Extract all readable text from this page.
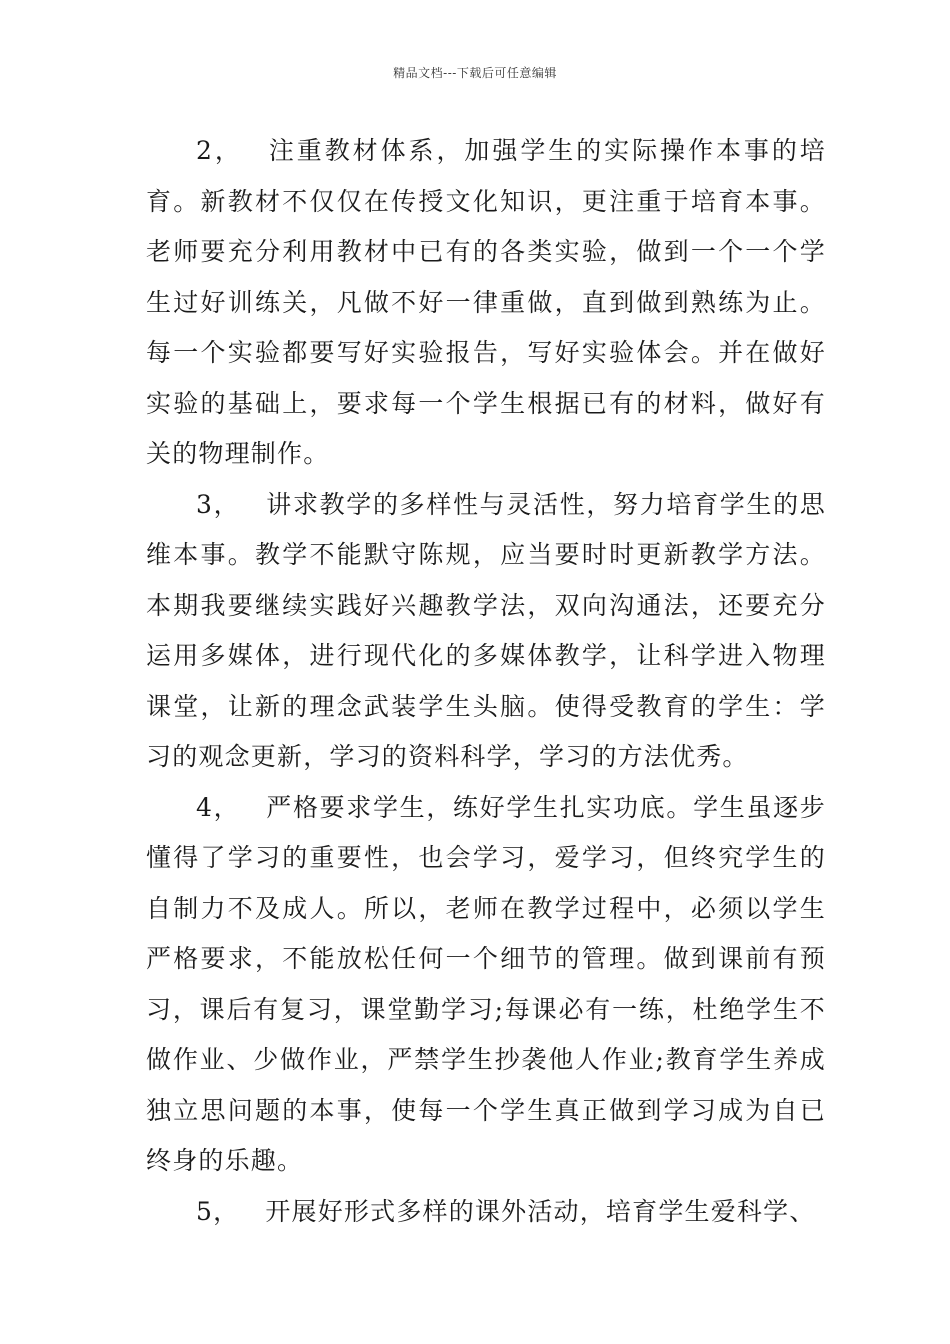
精品文档---下载后可任意编辑

2， 注重教材体系，加强学生的实际操作本事的培育。新教材不仅仅在传授文化知识，更注重于培育本事。老师要充分利用教材中已有的各类实验，做到一个一个学生过好训练关，凡做不好一律重做，直到做到熟练为止。每一个实验都要写好实验报告，写好实验体会。并在做好实验的基础上，要求每一个学生根据已有的材料，做好有关的物理制作。

3， 讲求教学的多样性与灵活性，努力培育学生的思维本事。教学不能默守陈规，应当要时时更新教学方法。本期我要继续实践好兴趣教学法，双向沟通法，还要充分运用多媒体，进行现代化的多媒体教学，让科学进入物理课堂，让新的理念武装学生头脑。使得受教育的学生：学习的观念更新，学习的资料科学，学习的方法优秀。

4， 严格要求学生，练好学生扎实功底。学生虽逐步懂得了学习的重要性，也会学习，爱学习，但终究学生的自制力不及成人。所以，老师在教学过程中，必须以学生严格要求，不能放松任何一个细节的管理。做到课前有预习，课后有复习，课堂勤学习;每课必有一练，杜绝学生不做作业、少做作业，严禁学生抄袭他人作业;教育学生养成独立思问题的本事，使每一个学生真正做到学习成为自已终身的乐趣。

5， 开展好形式多样的课外活动，培育学生爱科学、
